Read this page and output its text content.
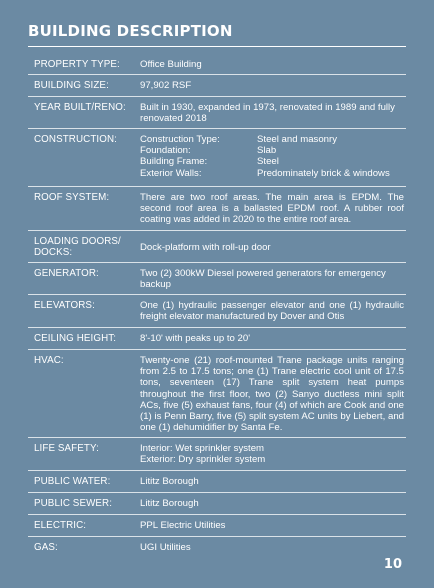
BUILDING DESCRIPTION
PROPERTY TYPE:	Office Building
BUILDING SIZE:	97,902 RSF
YEAR BUILT/RENO:	Built in 1930, expanded in 1973, renovated in 1989 and fully renovated 2018
CONSTRUCTION:	Construction Type:	Steel and masonry
Foundation:	Slab
Building Frame:	Steel
Exterior Walls:	Predominately brick & windows
ROOF SYSTEM:	There are two roof areas. The main area is EPDM. The second roof area is a ballasted EPDM roof. A rubber roof coating was added in 2020 to the entire roof area.
LOADING DOORS/ DOCKS:	Dock-platform with roll-up door
GENERATOR:	Two (2) 300kW Diesel powered generators for emergency backup
ELEVATORS:	One (1) hydraulic passenger elevator and one (1) hydraulic freight elevator manufactured by Dover and Otis
CEILING HEIGHT:	8'-10' with peaks up to 20'
HVAC:	Twenty-one (21) roof-mounted Trane package units ranging from 2.5 to 17.5 tons; one (1) Trane electric cool unit of 17.5 tons, seventeen (17) Trane split system heat pumps throughout the first floor, two (2) Sanyo ductless mini split ACs, five (5) exhaust fans, four (4) of which are Cook and one (1) is Penn Barry, five (5) split system AC units by Liebert, and one (1) dehumidifier by Santa Fe.
LIFE SAFETY:	Interior: Wet sprinkler system
Exterior: Dry sprinkler system
PUBLIC WATER:	Lititz Borough
PUBLIC SEWER:	Lititz Borough
ELECTRIC:	PPL Electric Utilities
GAS:	UGI Utilities
10
